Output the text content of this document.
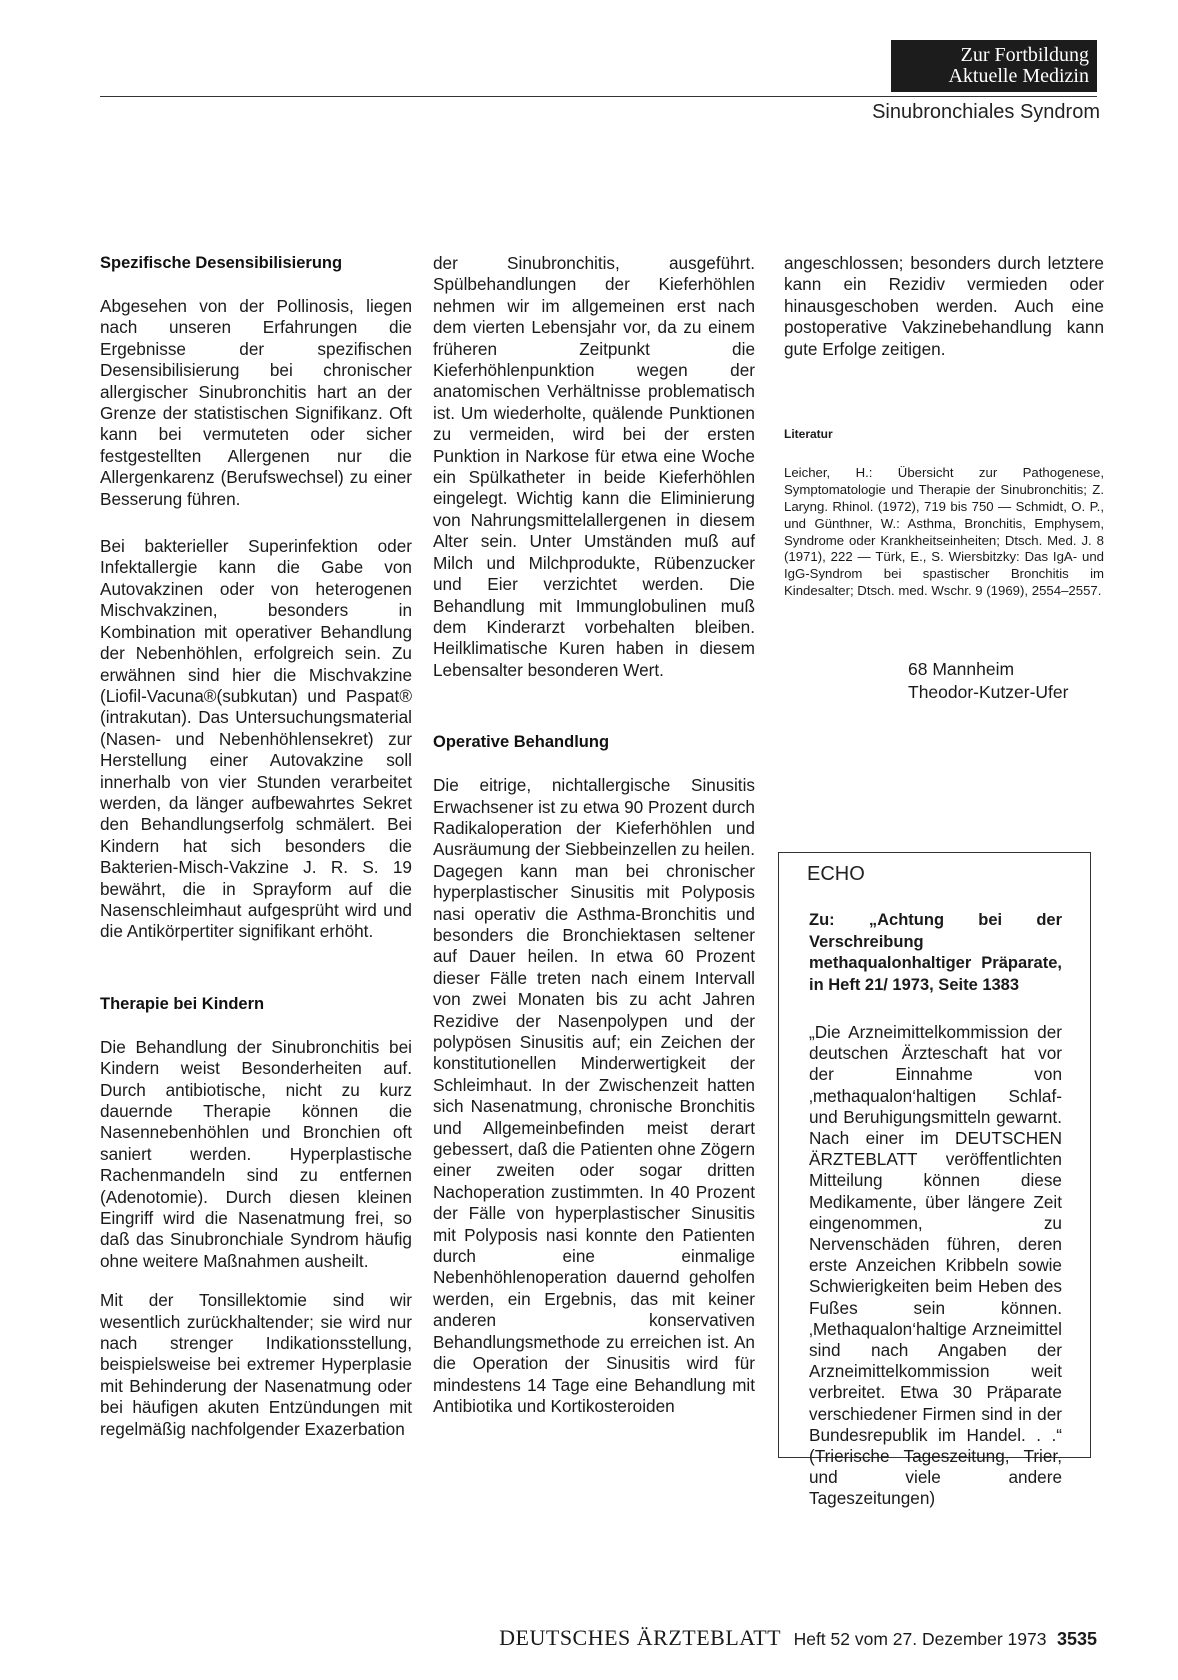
Zur Fortbildung
Aktuelle Medizin
Sinubronchiales Syndrom
Spezifische Desensibilisierung

Abgesehen von der Pollinosis, liegen nach unseren Erfahrungen die Ergebnisse der spezifischen Desensibilisierung bei chronischer allergischer Sinubronchitis hart an der Grenze der statistischen Signifikanz. Oft kann bei vermuteten oder sicher festgestellten Allergenen nur die Allergenkarenz (Berufswechsel) zu einer Besserung führen.

Bei bakterieller Superinfektion oder Infektallergie kann die Gabe von Autovakzinen oder von heterogenen Mischvakzinen, besonders in Kombination mit operativer Behandlung der Nebenhöhlen, erfolgreich sein. Zu erwähnen sind hier die Mischvakzine (Liofil-Vacuna®(subkutan) und Paspat® (intrakutan). Das Untersuchungsmaterial (Nasen- und Nebenhöhlensekret) zur Herstellung einer Autovakzine soll innerhalb von vier Stunden verarbeitet werden, da länger aufbewahrtes Sekret den Behandlungserfolg schmälert. Bei Kindern hat sich besonders die Bakterien-Misch-Vakzine J. R. S. 19 bewährt, die in Sprayform auf die Nasenschleimhaut aufgesprüht wird und die Antikörpertiter signifikant erhöht.

Therapie bei Kindern

Die Behandlung der Sinubronchitis bei Kindern weist Besonderheiten auf. Durch antibiotische, nicht zu kurz dauernde Therapie können die Nasennebenhöhlen und Bronchien oft saniert werden. Hyperplastische Rachenmandeln sind zu entfernen (Adenotomie). Durch diesen kleinen Eingriff wird die Nasenatmung frei, so daß das Sinubronchiale Syndrom häufig ohne weitere Maßnahmen ausheilt.

Mit der Tonsillektomie sind wir wesentlich zurückhaltender; sie wird nur nach strenger Indikationsstellung, beispielsweise bei extremer Hyperplasie mit Behinderung der Nasenatmung oder bei häufigen akuten Entzündungen mit regelmäßig nachfolgender Exazerbation

der Sinubronchitis, ausgeführt. Spülbehandlungen der Kieferhöhlen nehmen wir im allgemeinen erst nach dem vierten Lebensjahr vor, da zu einem früheren Zeitpunkt die Kieferhöhlenpunktion wegen der anatomischen Verhältnisse problematisch ist. Um wiederholte, quälende Punktionen zu vermeiden, wird bei der ersten Punktion in Narkose für etwa eine Woche ein Spülkatheter in beide Kieferhöhlen eingelegt. Wichtig kann die Eliminierung von Nahrungsmittelallergenen in diesem Alter sein. Unter Umständen muß auf Milch und Milchprodukte, Rübenzucker und Eier verzichtet werden. Die Behandlung mit Immunglobulinen muß dem Kinderarzt vorbehalten bleiben. Heilklimatische Kuren haben in diesem Lebensalter besonderen Wert.

Operative Behandlung

Die eitrige, nichtallergische Sinusitis Erwachsener ist zu etwa 90 Prozent durch Radikaloperation der Kieferhöhlen und Ausräumung der Siebbeinzellen zu heilen. Dagegen kann man bei chronischer hyperplastischer Sinusitis mit Polyposis nasi operativ die Asthma-Bronchitis und besonders die Bronchiektasen seltener auf Dauer heilen. In etwa 60 Prozent dieser Fälle treten nach einem Intervall von zwei Monaten bis zu acht Jahren Rezidive der Nasenpolypen und der polypösen Sinusitis auf; ein Zeichen der konstitutionellen Minderwertigkeit der Schleimhaut. In der Zwischenzeit hatten sich Nasenatmung, chronische Bronchitis und Allgemeinbefinden meist derart gebessert, daß die Patienten ohne Zögern einer zweiten oder sogar dritten Nachoperation zustimmten. In 40 Prozent der Fälle von hyperplastischer Sinusitis mit Polyposis nasi konnte den Patienten durch eine einmalige Nebenhöhlenoperation dauernd geholfen werden, ein Ergebnis, das mit keiner anderen konservativen Behandlungsmethode zu erreichen ist. An die Operation der Sinusitis wird für mindestens 14 Tage eine Behandlung mit Antibiotika und Kortikosteroiden

angeschlossen; besonders durch letztere kann ein Rezidiv vermieden oder hinausgeschoben werden. Auch eine postoperative Vakzinebehandlung kann gute Erfolge zeitigen.

Literatur

Leicher, H.: Übersicht zur Pathogenese, Symptomatologie und Therapie der Sinubronchitis; Z. Laryng. Rhinol. (1972), 719 bis 750 — Schmidt, O. P., und Günthner, W.: Asthma, Bronchitis, Emphysem, Syndrome oder Krankheitseinheiten; Dtsch. Med. J. 8 (1971), 222 — Türk, E., S. Wiersbitzky: Das IgA- und IgG-Syndrom bei spastischer Bronchitis im Kindesalter; Dtsch. med. Wschr. 9 (1969), 2554–2557.

68 Mannheim
Theodor-Kutzer-Ufer

ECHO

Zu: „Achtung bei der Verschreibung methaqualonhaltiger Präparate, in Heft 21/ 1973, Seite 1383

„Die Arzneimittelkommission der deutschen Ärzteschaft hat vor der Einnahme von ‚methaqualon‘haltigen Schlaf- und Beruhigungsmitteln gewarnt. Nach einer im DEUTSCHEN ÄRZTEBLATT veröffentlichten Mitteilung können diese Medikamente, über längere Zeit eingenommen, zu Nervenschäden führen, deren erste Anzeichen Kribbeln sowie Schwierigkeiten beim Heben des Fußes sein können. ‚Methaqualon‘haltige Arzneimittel sind nach Angaben der Arzneimittelkommission weit verbreitet. Etwa 30 Präparate verschiedener Firmen sind in der Bundesrepublik im Handel. . .“ (Trierische Tageszeitung, Trier, und viele andere Tageszeitungen)

DEUTSCHES ÄRZTEBLATT Heft 52 vom 27. Dezember 1973 3535
